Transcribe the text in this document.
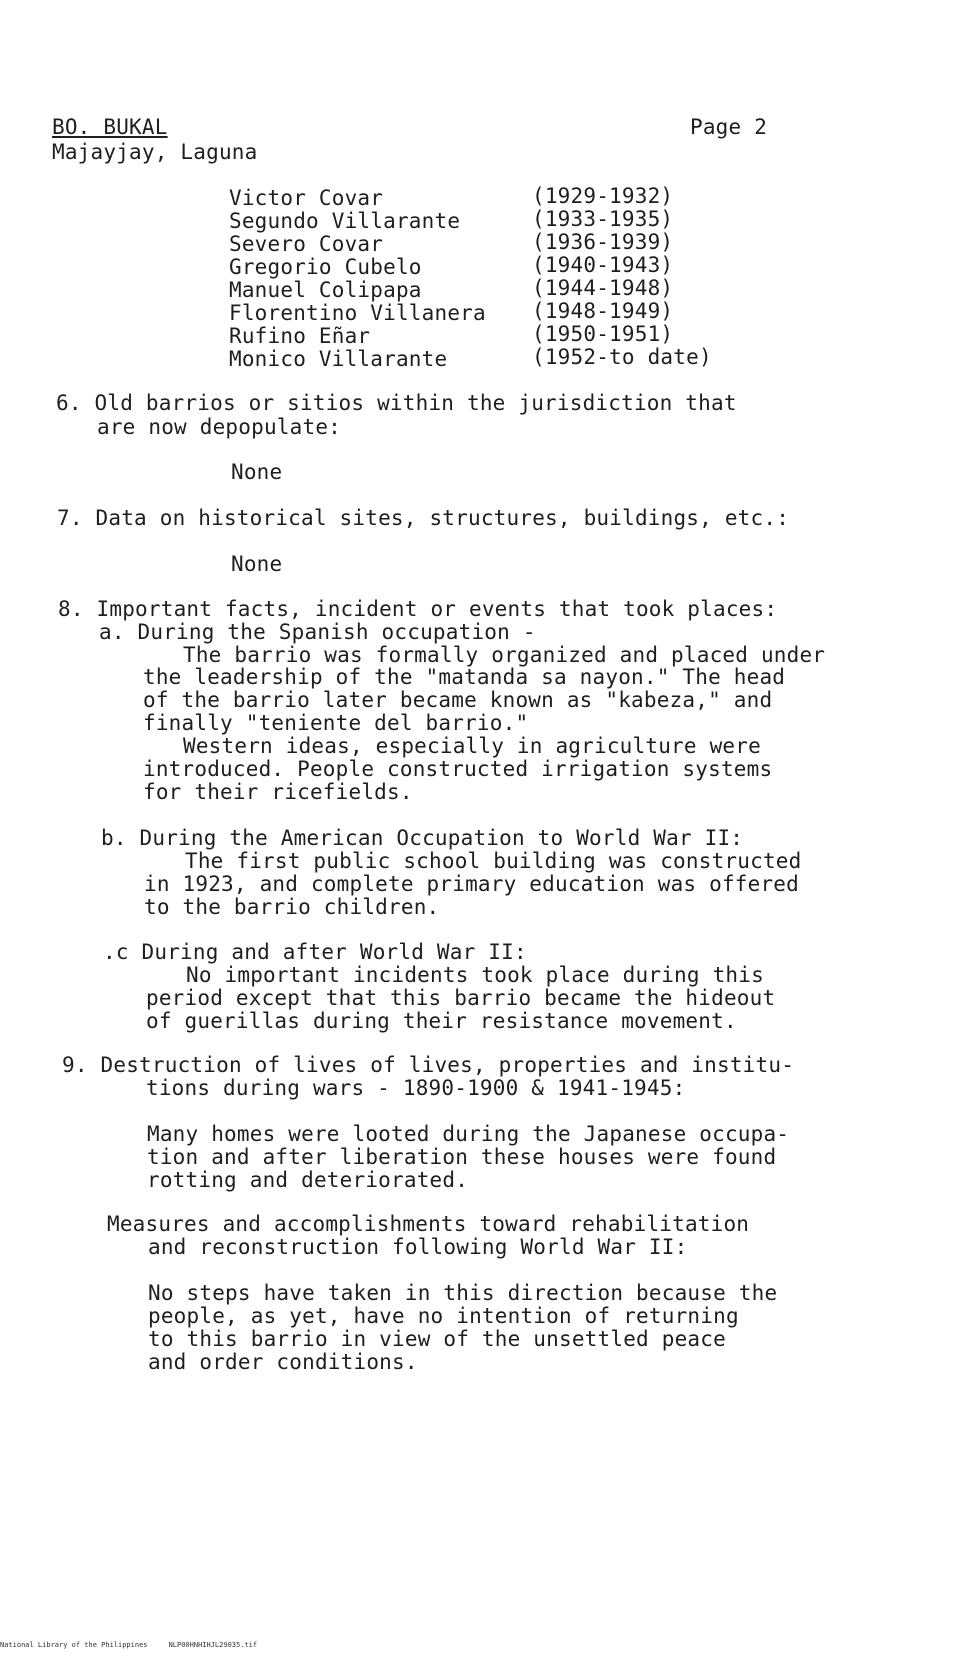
BO. BUKAL	Page 2
Majayjay, Laguna
Victor Covar	(1929-1932)
Segundo Villarante	(1933-1935)
Severo Covar	(1936-1939)
Gregorio Cubelo	(1940-1943)
Manuel Colipapa	(1944-1948)
Florentino Villanera (1948-1949)
Rufino Eñar	(1950-1951)
Monico Villarante	(1952-to date)
6. Old barrios or sitios within the jurisdiction that
are now depopulate:
None
7. Data on historical sites, structures, buildings, etc.:
None
8. Important facts, incident or events that took places:
a. During the Spanish occupation -
The barrio was formally organized and placed under
the leadership of the "matanda sa nayon." The head
of the barrio later became known as "kabeza," and
finally "teniente del barrio."
Western ideas, especially in agriculture were
introduced. People constructed irrigation systems
for their ricefields.
b. During the American Occupation to World War II:
The first public school building was constructed
in 1923, and complete primary education was offered
to the barrio children.
.c During and after World War II:
No important incidents took place during this
period except that this barrio became the hideout
of guerillas during their resistance movement.
9. Destruction of lives of lives, properties and institu-
tions during wars - 1890-1900 & 1941-1945:
Many homes were looted during the Japanese occupa-
tion and after liberation these houses were found
rotting and deteriorated.
Measures and accomplishments toward rehabilitation
and reconstruction following World War II:
No steps have taken in this direction because the
people, as yet, have no intention of returning
to this barrio in view of the unsettled peace
and order conditions.
National Library of the Philippines     NLP00HNHIHJL29035.tif
